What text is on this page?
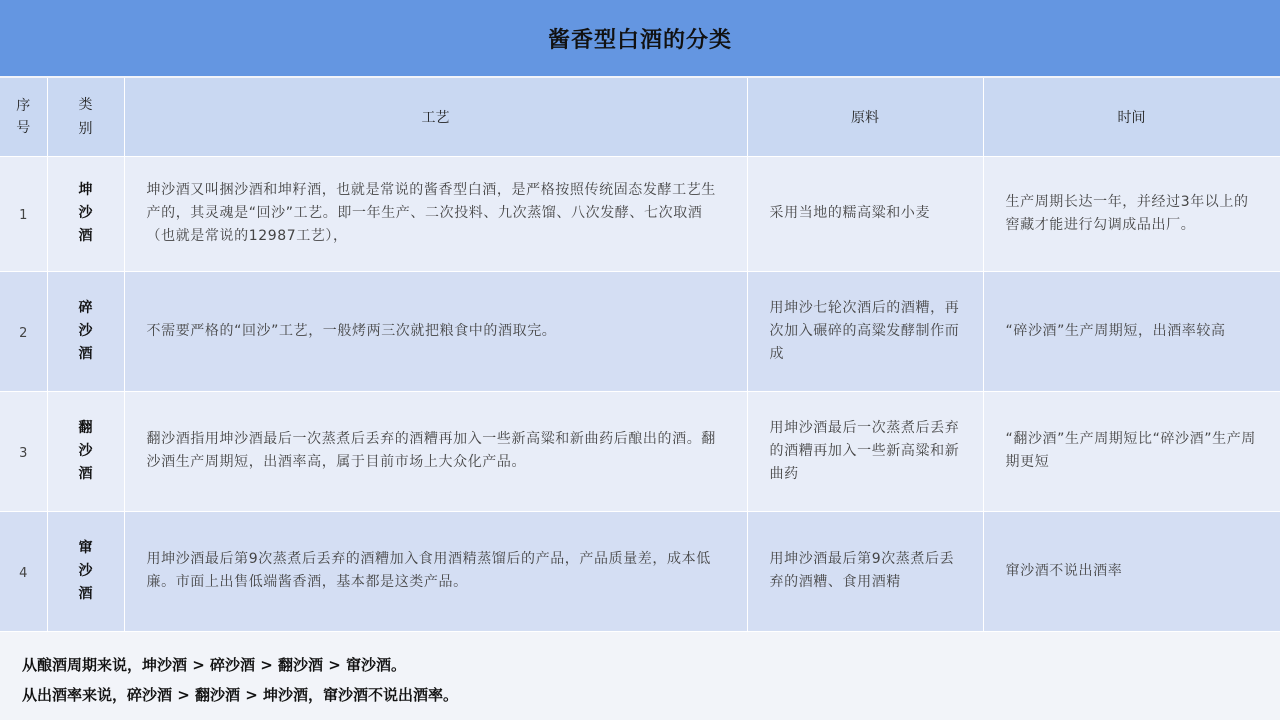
酱香型白酒的分类
序号	类别	工艺	原料	时间
1	坤沙酒	坤沙酒又叫捆沙酒和坤籽酒，也就是常说的酱香型白酒，是严格按照传统固态发酵工艺生产的，其灵魂是“回沙”工艺。即一年生产、二次投料、九次蒸馏、八次发酵、七次取酒（也就是常说的12987工艺），	采用当地的糯高粱和小麦	生产周期长达一年，并经过3年以上的窖藏才能进行勾调成品出厂。

2	碎沙酒	不需要严格的“回沙”工艺，一般烤两三次就把粮食中的酒取完。	用坤沙七轮次酒后的酒糟，再次加入碾碎的高粱发酵制作而成	“碎沙酒”生产周期短，出酒率较高

3	翻沙酒	翻沙酒指用坤沙酒最后一次蒸煮后丢弃的酒糟再加入一些新高粱和新曲药后酿出的酒。翻沙酒生产周期短，出酒率高，属于目前市场上大众化产品。	用坤沙酒最后一次蒸煮后丢弃的酒糟再加入一些新高粱和新曲药	“翻沙酒”生产周期短比“碎沙酒”生产周期更短

4	窜沙酒	用坤沙酒最后第9次蒸煮后丢弃的酒糟加入食用酒精蒸馏后的产品，产品质量差，成本低廉。市面上出售低端酱香酒，基本都是这类产品。	用坤沙酒最后第9次蒸煮后丢弃的酒糟、食用酒精	窜沙酒不说出酒率

从酿酒周期来说，坤沙酒 > 碎沙酒 > 翻沙酒 > 窜沙酒。

从出酒率来说，碎沙酒 > 翻沙酒 > 坤沙酒，窜沙酒不说出酒率。
